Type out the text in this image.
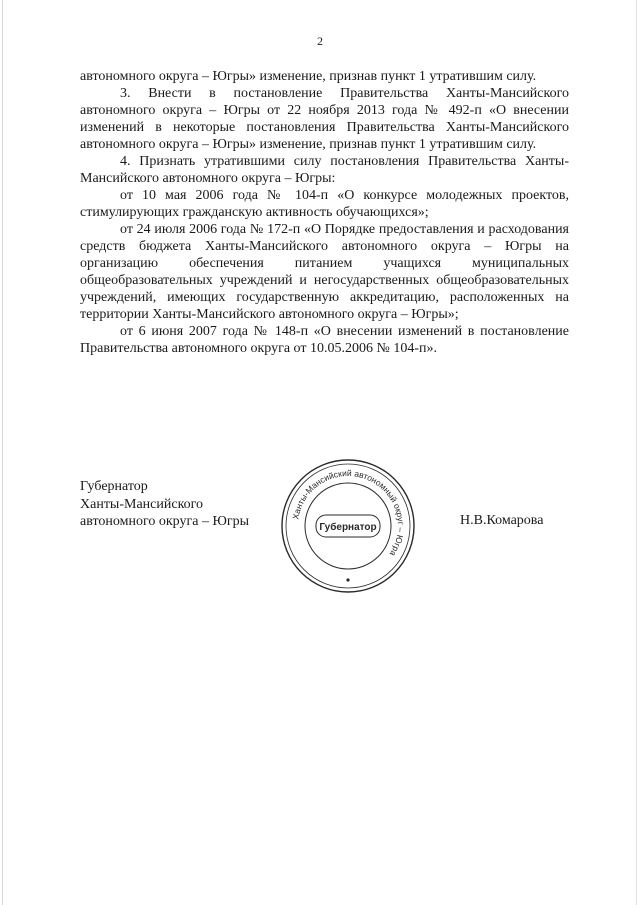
2

автономного округа – Югры» изменение, признав пункт 1 утратившим силу.

3. Внести в постановление Правительства Ханты-Мансийского автономного округа – Югры от 22 ноября 2013 года № 492-п «О внесении изменений в некоторые постановления Правительства Ханты-Мансийского автономного округа – Югры» изменение, признав пункт 1 утратившим силу.

4. Признать утратившими силу постановления Правительства Ханты-Мансийского автономного округа – Югры:

от 10 мая 2006 года № 104-п «О конкурсе молодежных проектов, стимулирующих гражданскую активность обучающихся»;

от 24 июля 2006 года № 172-п «О Порядке предоставления и расходования средств бюджета Ханты-Мансийского автономного округа – Югры на организацию обеспечения питанием учащихся муниципальных общеобразовательных учреждений и негосударственных общеобразовательных учреждений, имеющих государственную аккредитацию, расположенных на территории Ханты-Мансийского автономного округа – Югры»;

от 6 июня 2007 года № 148-п «О внесении изменений в постановление Правительства автономного округа от 10.05.2006 № 104-п».

Губернатор
Ханты-Мансийского
автономного округа – Югры	Ханты-Мансийский автономный округ – Югра
Губернатор	Н.В.Комарова
